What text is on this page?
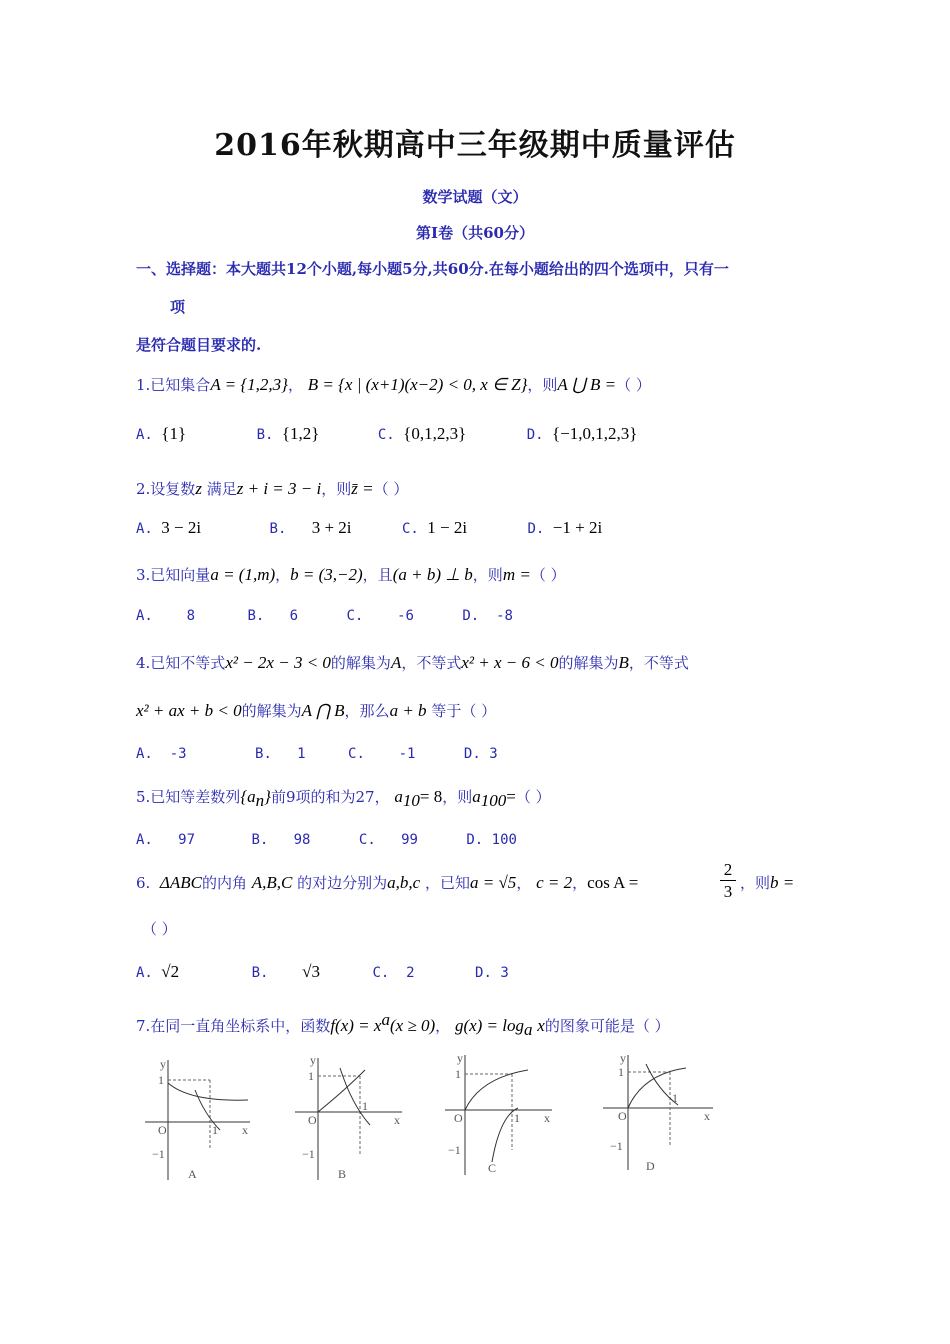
2016年秋期高中三年级期中质量评估
数学试题（文）
第Ⅰ卷（共60分）
一、选择题：本大题共12个小题,每小题5分,共60分.在每小题给出的四个选项中，只有一
项
是符合题目要求的.
1.已知集合A = {1,2,3}， B = {x | (x+1)(x−2) < 0, x ∈ Z}，则A ⋃ B =（ ）
A. {1}	B. {1,2}	C. {0,1,2,3}	D. {−1,0,1,2,3}
2.设复数z 满足z + i = 3 − i，则z̄ =（ ）
A. 3 − 2i	B. 3 + 2i	C. 1 − 2i	D. −1 + 2i
3.已知向量a = (1,m)，b = (3,−2)，且(a + b) ⊥ b，则m =（ ）
A. 8	B. 6	C. -6	D. -8
4.已知不等式x² − 2x − 3 < 0的解集为A，不等式x² + x − 6 < 0的解集为B，不等式
x² + ax + b < 0的解集为A ⋂ B，那么a + b 等于（ ）
A. -3	B. 1	C. -1	D. 3
5.已知等差数列$\{a_n\}$前9项的和为27， $a_{10}= 8$，则$a_{100}=$（ ）
A. 97	B. 98	C. 99	D. 100
6. ΔABC的内角 A,B,C 的对边分别为a,b,c ，已知a = √5， c = 2，cos A =
2
3 ，则b =
（ ）
A. √2	B. √3	C. 2	D. 3
7.在同一直角坐标系中，函数$f(x) = x^a(x \ge 0)$， $g(x) = \log_a x$的图象可能是（ ）
y
x
O
1
1
−1
A
y
x
O
1
1
−1
B
y
x
O
1
1
−1
C
y
x
O
1
1
−1
D
